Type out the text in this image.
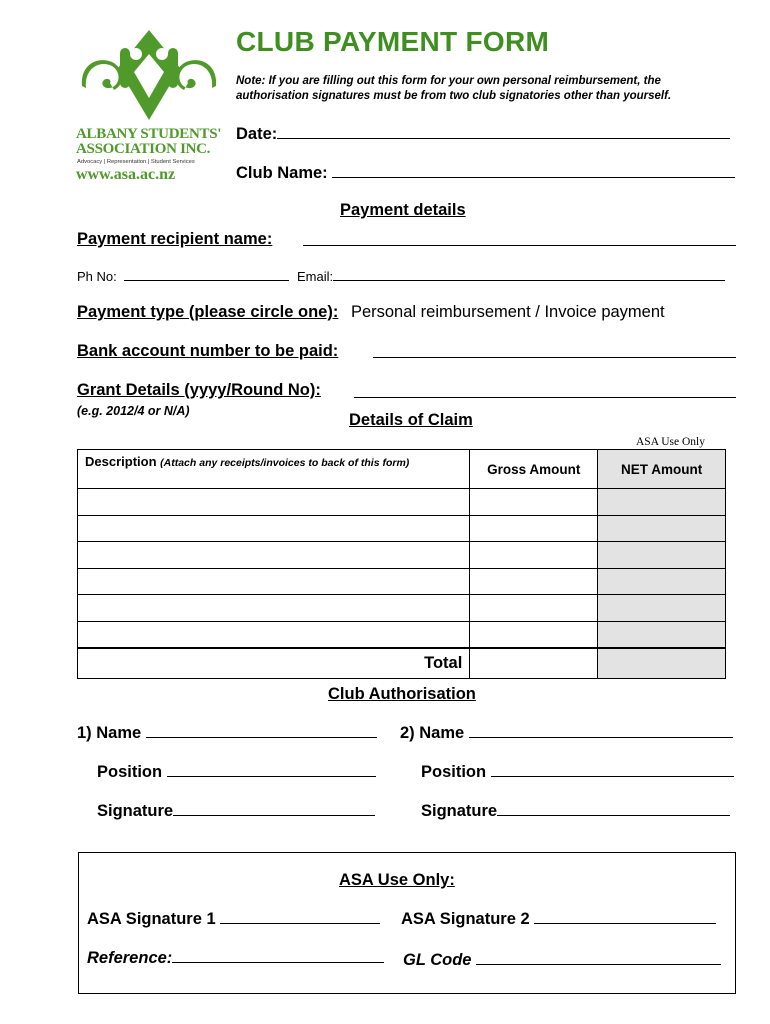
ALBANY STUDENTS'
ASSOCIATION INC.
Advocacy | Representation | Student Services
www.asa.ac.nz
CLUB PAYMENT FORM
Note: If you are filling out this form for your own personal reimbursement, the authorisation signatures must be from two club signatories other than yourself.
Date:
Club Name:
Payment details
Payment recipient name:
Ph No:	Email:
Payment type (please circle one): Personal reimbursement / Invoice payment
Bank account number to be paid:
Grant Details (yyyy/Round No):
(e.g. 2012/4 or N/A)	Details of Claim
ASA Use Only
Description (Attach any receipts/invoices to back of this form)	Gross Amount	NET Amount

Total		
Club Authorisation
1) Name	2) Name
Position	Position
Signature	Signature
ASA Use Only:
ASA Signature 1	ASA Signature 2
Reference:	GL Code
